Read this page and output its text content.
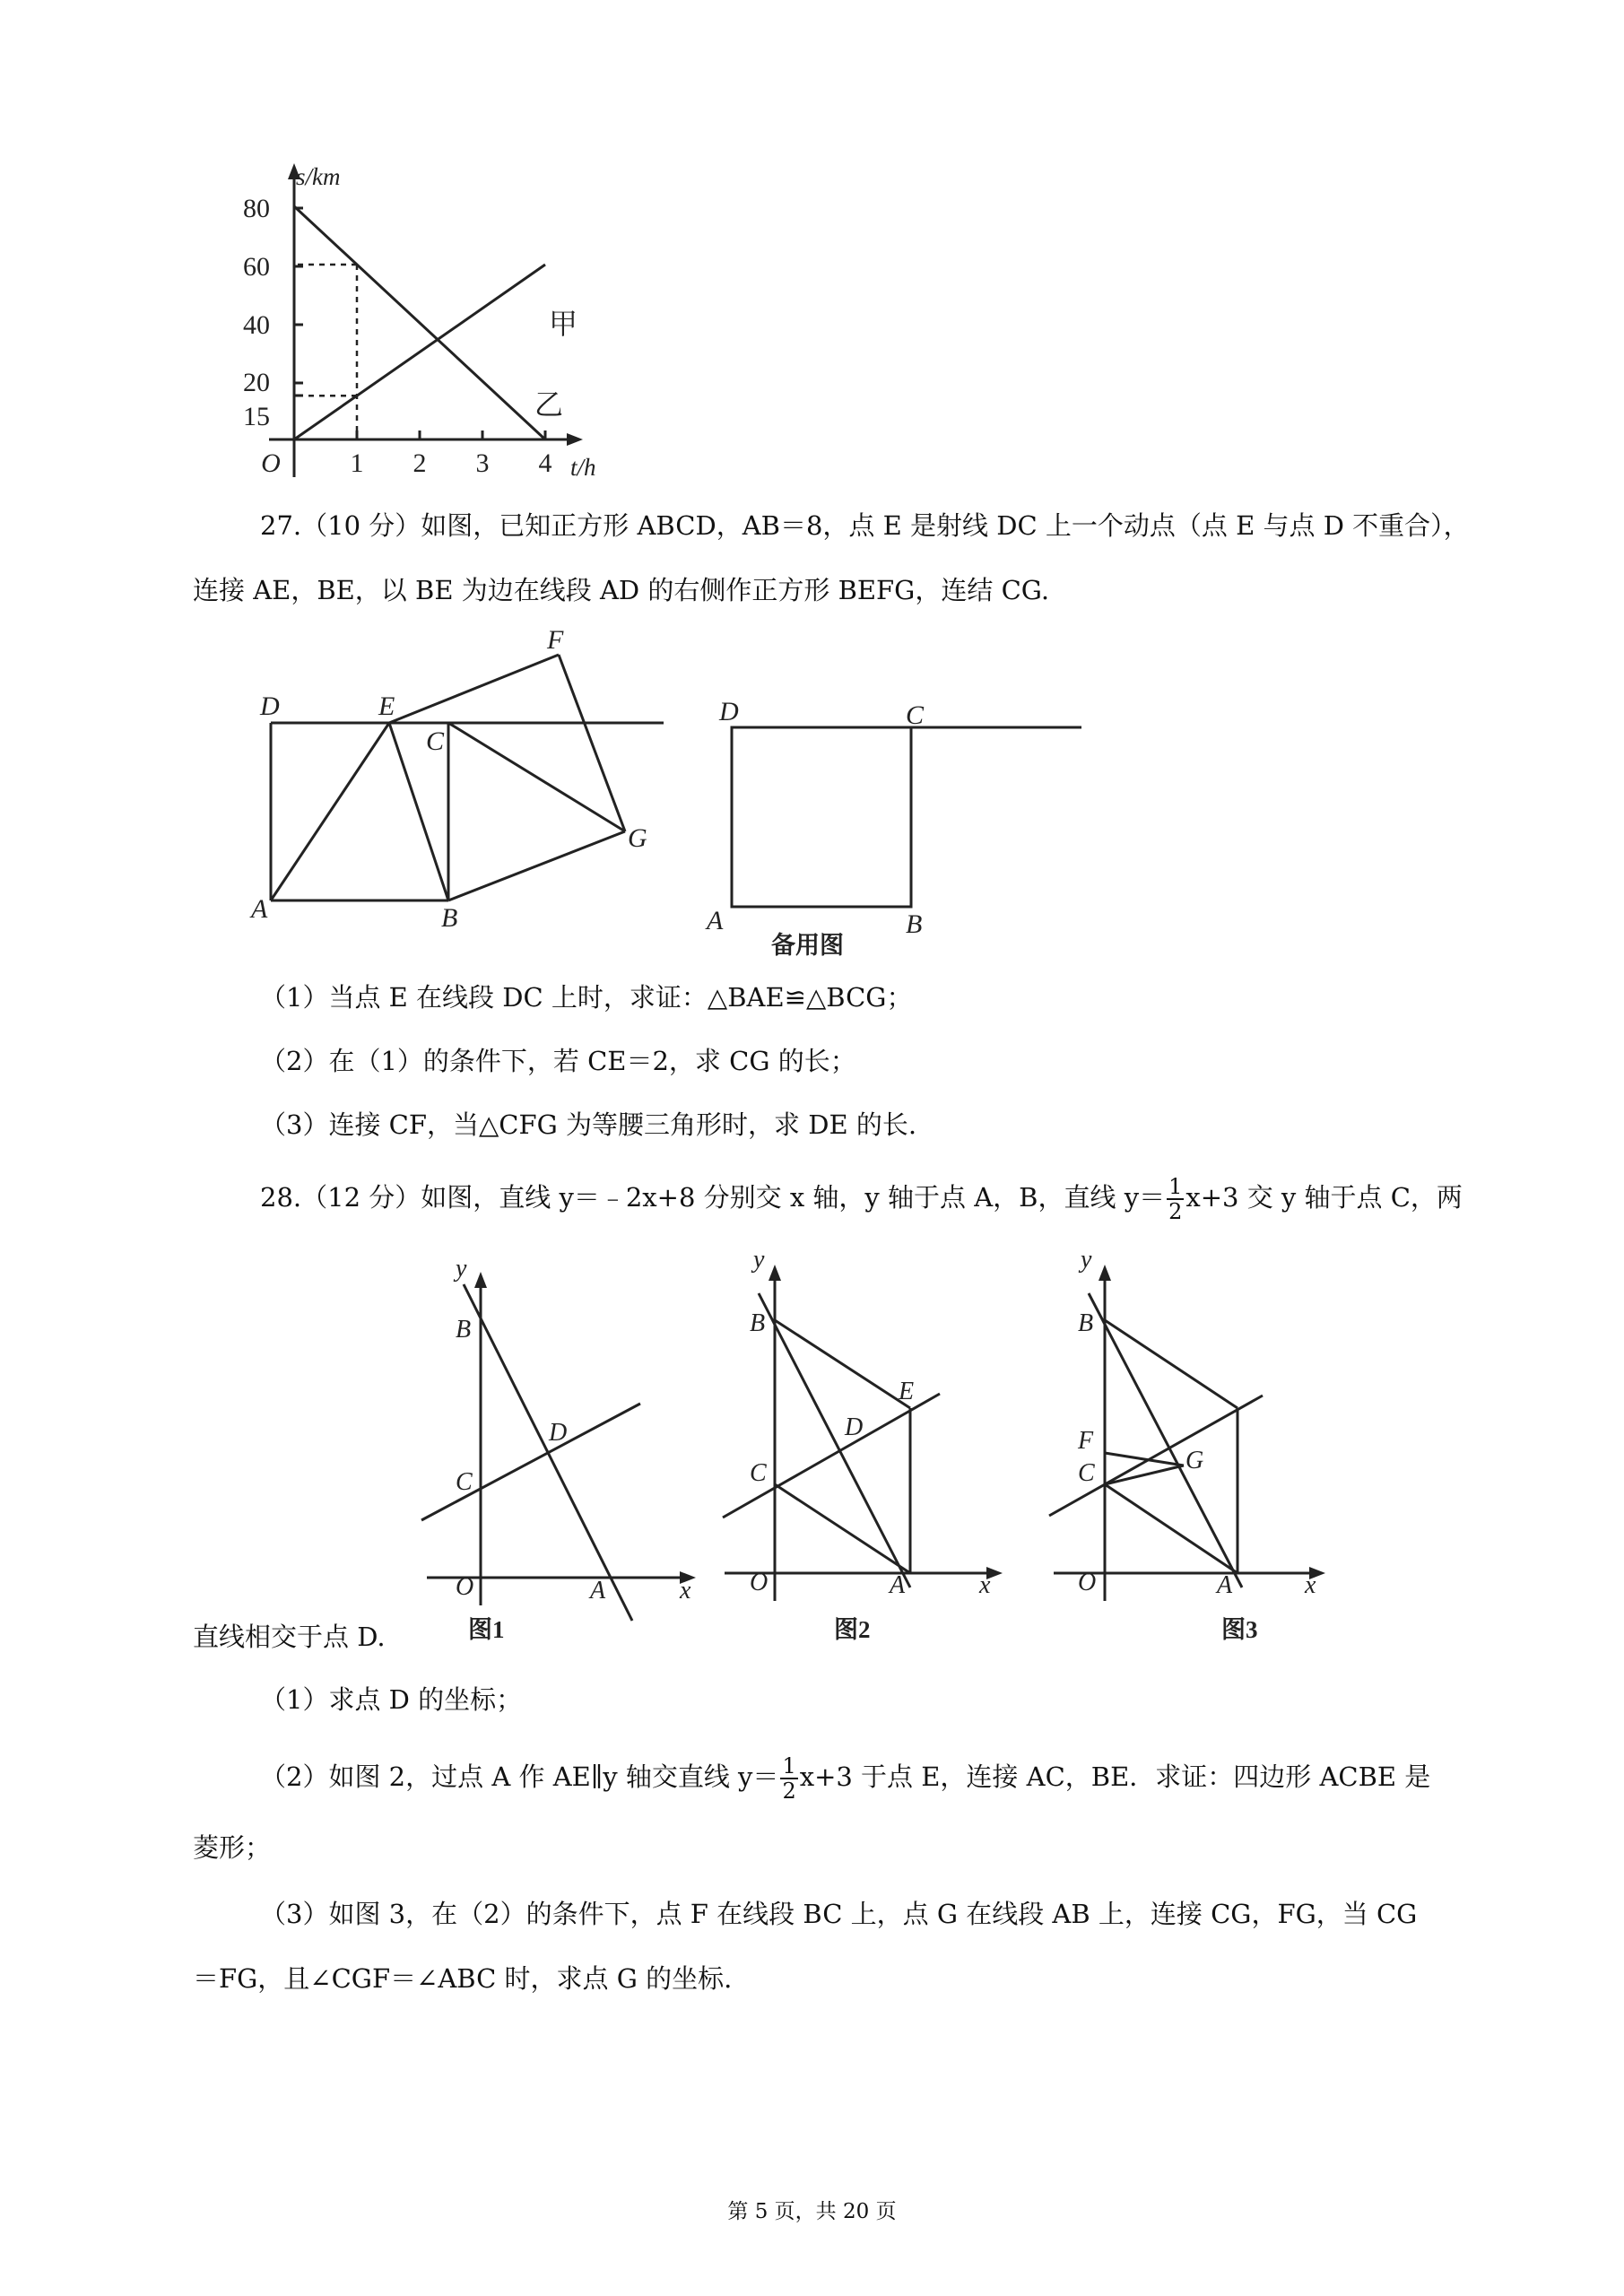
s/km
80
60
40
20
15
O	1 2 3 4 t/h
甲
乙
27.（10 分）如图，已知正方形 ABCD，AB＝8，点 E 是射线 DC 上一个动点（点 E 与点 D 不重合），
连接 AE，BE，以 BE 为边在线段 AD 的右侧作正方形 BEFG，连结 CG.
D	E
F
C
G
A	B
D	C
A	B
备用图
（1）当点 E 在线段 DC 上时，求证：△BAE≌△BCG；
（2）在（1）的条件下，若 CE＝2，求 CG 的长；
（3）连接 CF，当△CFG 为等腰三角形时，求 DE 的长.
28.（12 分）如图，直线 y＝﹣2x+8 分别交 x 轴，y 轴于点 A，B，直线 $y= \frac{1}{2} x+3$ 交 y 轴于点 C，两
y
B
D
C
O	A	x
y
B
E
D
C
O	A	x
y
B
F
G
C
O	A	x
图1	图2	图3
直线相交于点 D.
（1）求点 D 的坐标；
（2）如图 2，过点 A 作 AE∥y 轴交直线 $y= \frac{1}{2} x+3$ 于点 E，连接 AC，BE．求证：四边形 ACBE 是
菱形；
（3）如图 3，在（2）的条件下，点 F 在线段 BC 上，点 G 在线段 AB 上，连接 CG，FG，当 CG
＝FG，且∠CGF＝∠ABC 时，求点 G 的坐标.
第 5 页，共 20 页
